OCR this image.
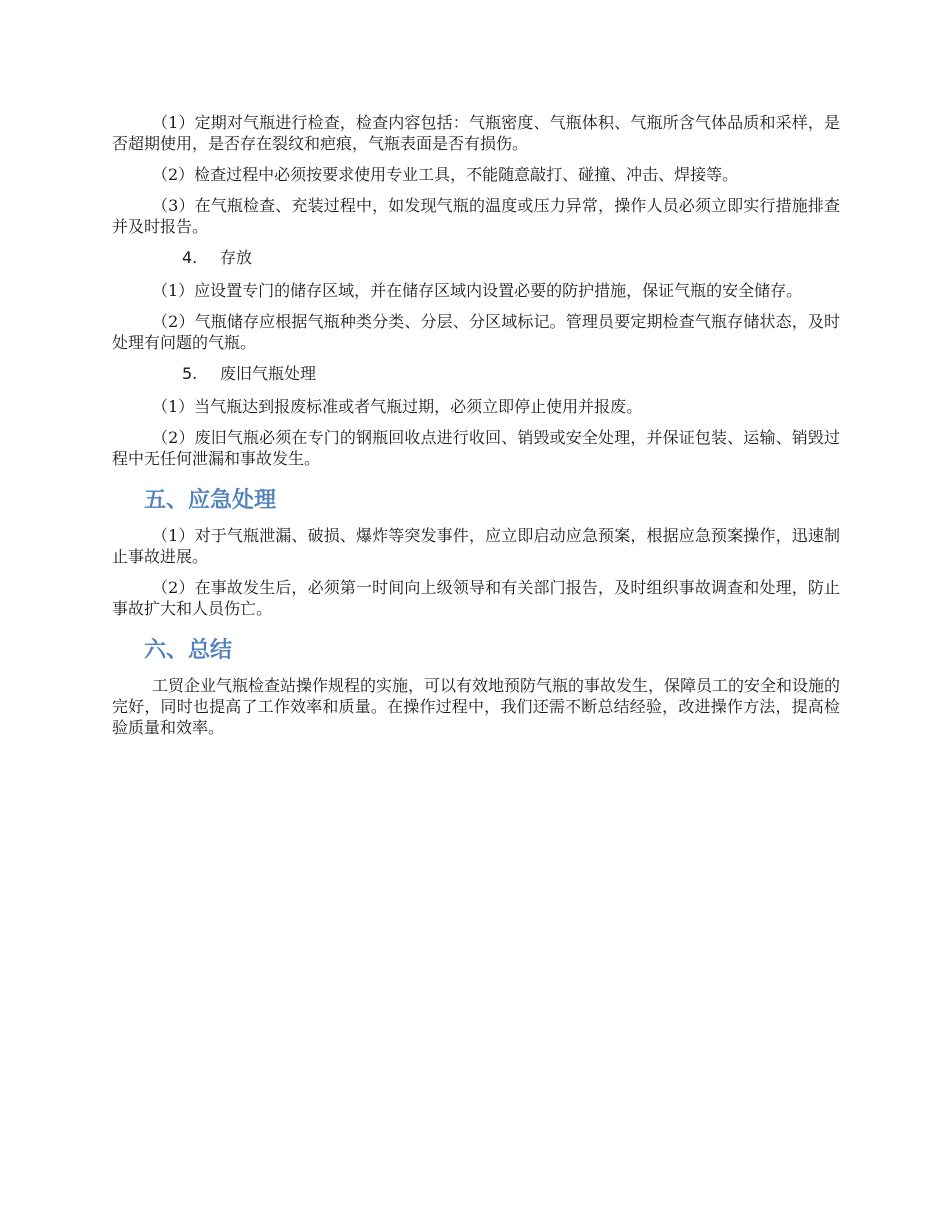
（1）定期对气瓶进行检查，检查内容包括：气瓶密度、气瓶体积、气瓶所含气体品质和采样，是否超期使用，是否存在裂纹和疤痕，气瓶表面是否有损伤。

（2）检查过程中必须按要求使用专业工具，不能随意敲打、碰撞、冲击、焊接等。

（3）在气瓶检查、充装过程中，如发现气瓶的温度或压力异常，操作人员必须立即实行措施排查并及时报告。

4.	存放

（1）应设置专门的储存区域，并在储存区域内设置必要的防护措施，保证气瓶的安全储存。

（2）气瓶储存应根据气瓶种类分类、分层、分区域标记。管理员要定期检查气瓶存储状态，及时处理有问题的气瓶。

5.	废旧气瓶处理

（1）当气瓶达到报废标准或者气瓶过期，必须立即停止使用并报废。

（2）废旧气瓶必须在专门的钢瓶回收点进行收回、销毁或安全处理，并保证包装、运输、销毁过程中无任何泄漏和事故发生。

五、应急处理

（1）对于气瓶泄漏、破损、爆炸等突发事件，应立即启动应急预案，根据应急预案操作，迅速制止事故进展。

（2）在事故发生后，必须第一时间向上级领导和有关部门报告，及时组织事故调查和处理，防止事故扩大和人员伤亡。

六、总结

工贸企业气瓶检查站操作规程的实施，可以有效地预防气瓶的事故发生，保障员工的安全和设施的完好，同时也提高了工作效率和质量。在操作过程中，我们还需不断总结经验，改进操作方法，提高检验质量和效率。
